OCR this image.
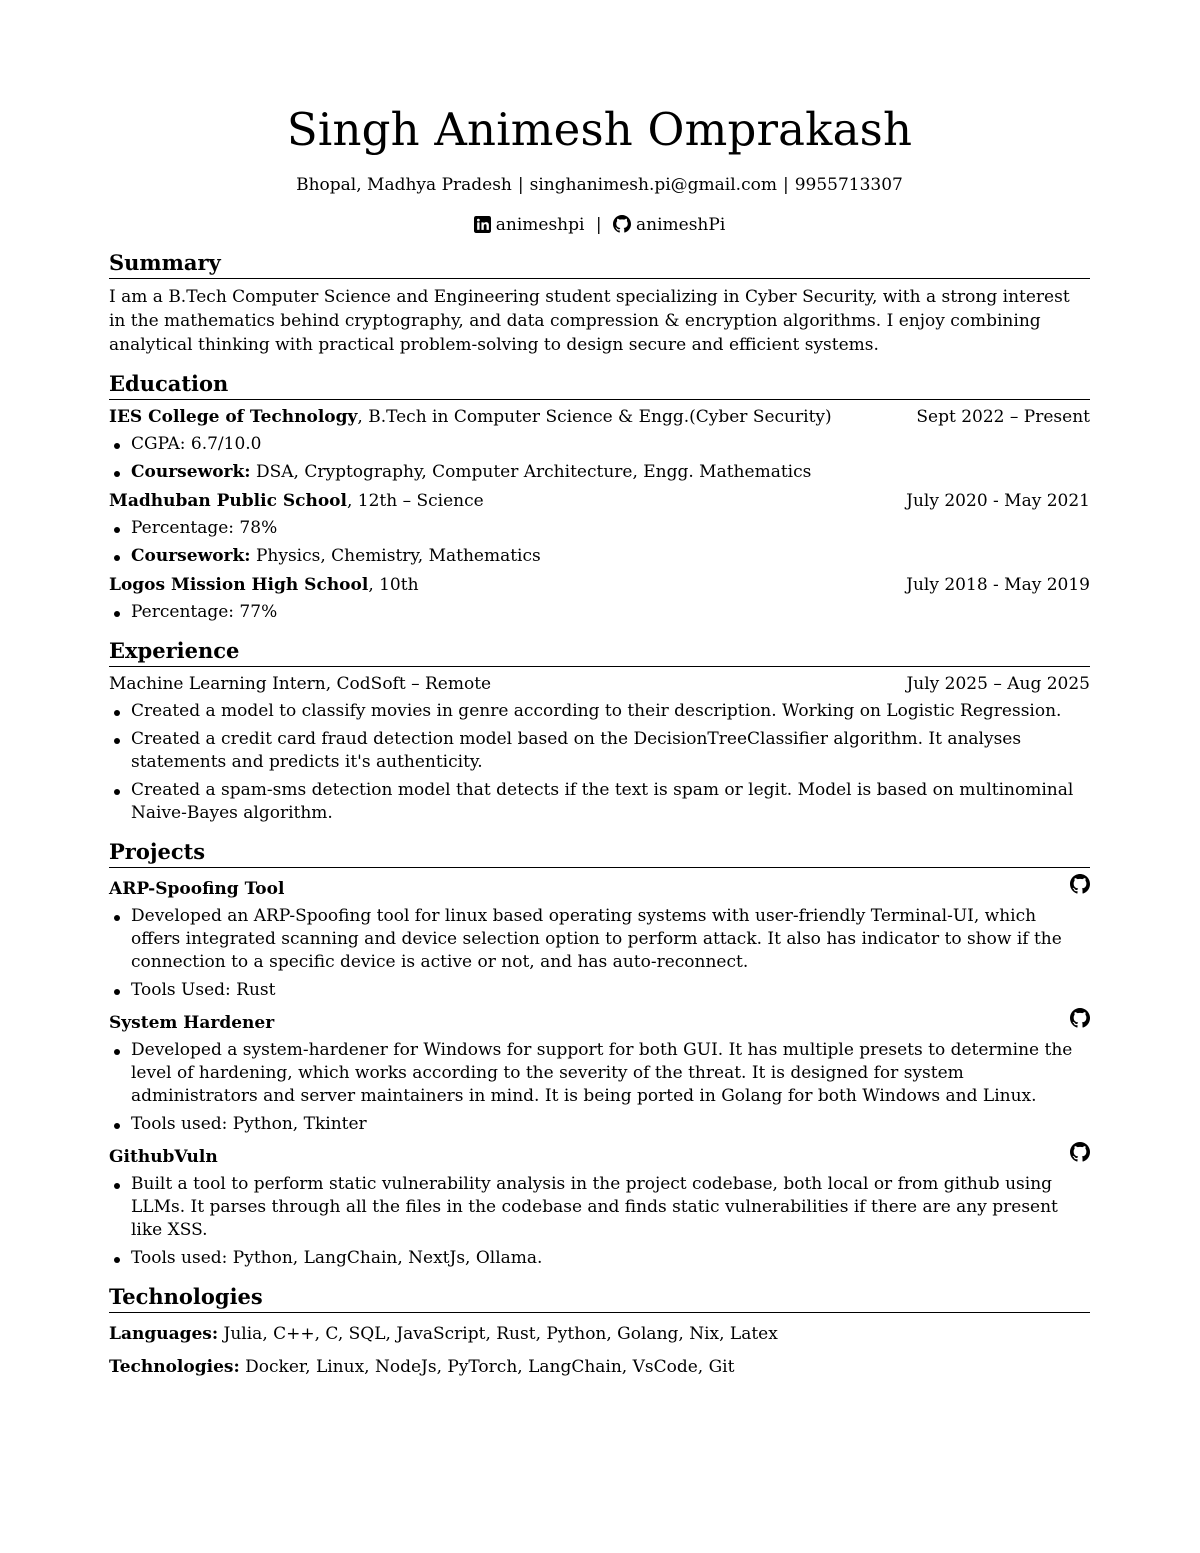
Singh Animesh Omprakash
Bhopal, Madhya Pradesh | singhanimesh.pi@gmail.com | 9955713307
animeshpi | animeshPi
Summary

I am a B.Tech Computer Science and Engineering student specializing in Cyber Security, with a strong interest in the mathematics behind cryptography, and data compression & encryption algorithms. I enjoy combining analytical thinking with practical problem-solving to design secure and efficient systems.

Education
IES College of Technology, B.Tech in Computer Science & Engg.(Cyber Security)	Sept 2022 – Present
CGPA: 6.7/10.0
Coursework: DSA, Cryptography, Computer Architecture, Engg. Mathematics
Madhuban Public School, 12th – Science	July 2020 - May 2021
Percentage: 78%
Coursework: Physics, Chemistry, Mathematics
Logos Mission High School, 10th	July 2018 - May 2019
Percentage: 77%
Experience
Machine Learning Intern, CodSoft – Remote	July 2025 – Aug 2025
Created a model to classify movies in genre according to their description. Working on Logistic Regression.
Created a credit card fraud detection model based on the DecisionTreeClassifier algorithm. It analyses statements and predicts it's authenticity.
Created a spam-sms detection model that detects if the text is spam or legit. Model is based on multinominal Naive-Bayes algorithm.
Projects
ARP-Spoofing Tool
Developed an ARP-Spoofing tool for linux based operating systems with user-friendly Terminal-UI, which offers integrated scanning and device selection option to perform attack. It also has indicator to show if the connection to a specific device is active or not, and has auto-reconnect.
Tools Used: Rust
System Hardener
Developed a system-hardener for Windows for support for both GUI. It has multiple presets to determine the level of hardening, which works according to the severity of the threat. It is designed for system administrators and server maintainers in mind. It is being ported in Golang for both Windows and Linux.
Tools used: Python, Tkinter
GithubVuln
Built a tool to perform static vulnerability analysis in the project codebase, both local or from github using LLMs. It parses through all the files in the codebase and finds static vulnerabilities if there are any present like XSS.
Tools used: Python, LangChain, NextJs, Ollama.
Technologies
Languages: Julia, C++, C, SQL, JavaScript, Rust, Python, Golang, Nix, Latex
Technologies: Docker, Linux, NodeJs, PyTorch, LangChain, VsCode, Git
